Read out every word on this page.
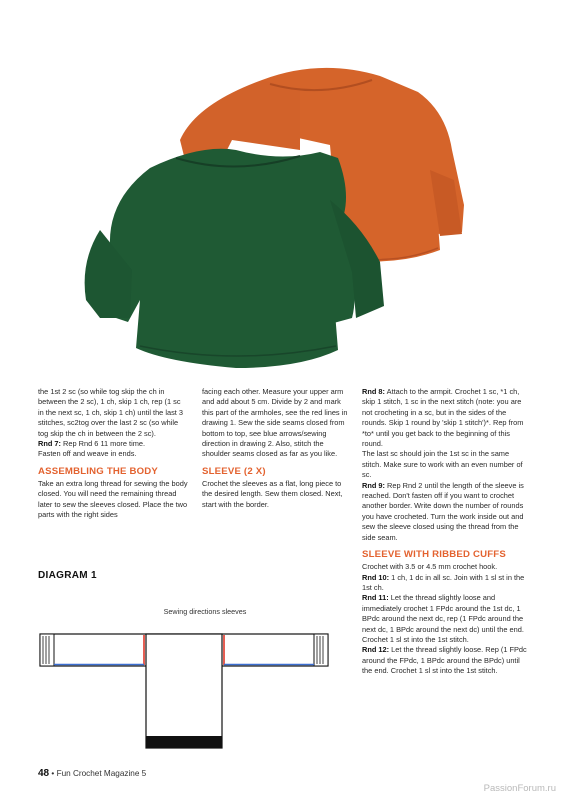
the 1st 2 sc (so while tog skip the ch in between the 2 sc), 1 ch, skip 1 ch, rep (1 sc in the next sc, 1 ch, skip 1 ch) until the last 3 stitches, sc2tog over the last 2 sc (so while tog skip the ch in between the 2 sc).

Rnd 7: Rep Rnd 6 11 more time.

Fasten off and weave in ends.

ASSEMBLING THE BODY

Take an extra long thread for sewing the body closed. You will need the remaining thread later to sew the sleeves closed. Place the two parts with the right sides

facing each other. Measure your upper arm and add about 5 cm. Divide by 2 and mark this part of the armholes, see the red lines in drawing 1. Sew the side seams closed from bottom to top, see blue arrows/sewing direction in drawing 2. Also, stitch the shoulder seams closed as far as you like.

SLEEVE (2 X)

Crochet the sleeves as a flat, long piece to the desired length. Sew them closed. Next, start with the border.

Rnd 8: Attach to the armpit. Crochet 1 sc, *1 ch, skip 1 stitch, 1 sc in the next stitch (note: you are not crocheting in a sc, but in the sides of the rounds. Skip 1 round by 'skip 1 stitch')*. Rep from *to* until you get back to the beginning of this round.

The last sc should join the 1st sc in the same stitch. Make sure to work with an even number of sc.

Rnd 9: Rep Rnd 2 until the length of the sleeve is reached. Don't fasten off if you want to crochet another border. Write down the number of rounds you have crocheted. Turn the work inside out and sew the sleeve closed using the thread from the side seam.

SLEEVE WITH RIBBED CUFFS

Crochet with 3.5 or 4.5 mm crochet hook.

Rnd 10: 1 ch, 1 dc in all sc. Join with 1 sl st in the 1st ch.

Rnd 11: Let the thread slightly loose and immediately crochet 1 FPdc around the 1st dc, 1 BPdc around the next dc, rep (1 FPdc around the next dc, 1 BPdc around the next dc) until the end. Crochet 1 sl st into the 1st stitch.

Rnd 12: Let the thread slightly loose. Rep (1 FPdc around the FPdc, 1 BPdc around the BPdc) until the end. Crochet 1 sl st into the 1st stitch.

DIAGRAM 1
Sewing directions sleeves
48 • Fun Crochet Magazine 5
PassionForum.ru
